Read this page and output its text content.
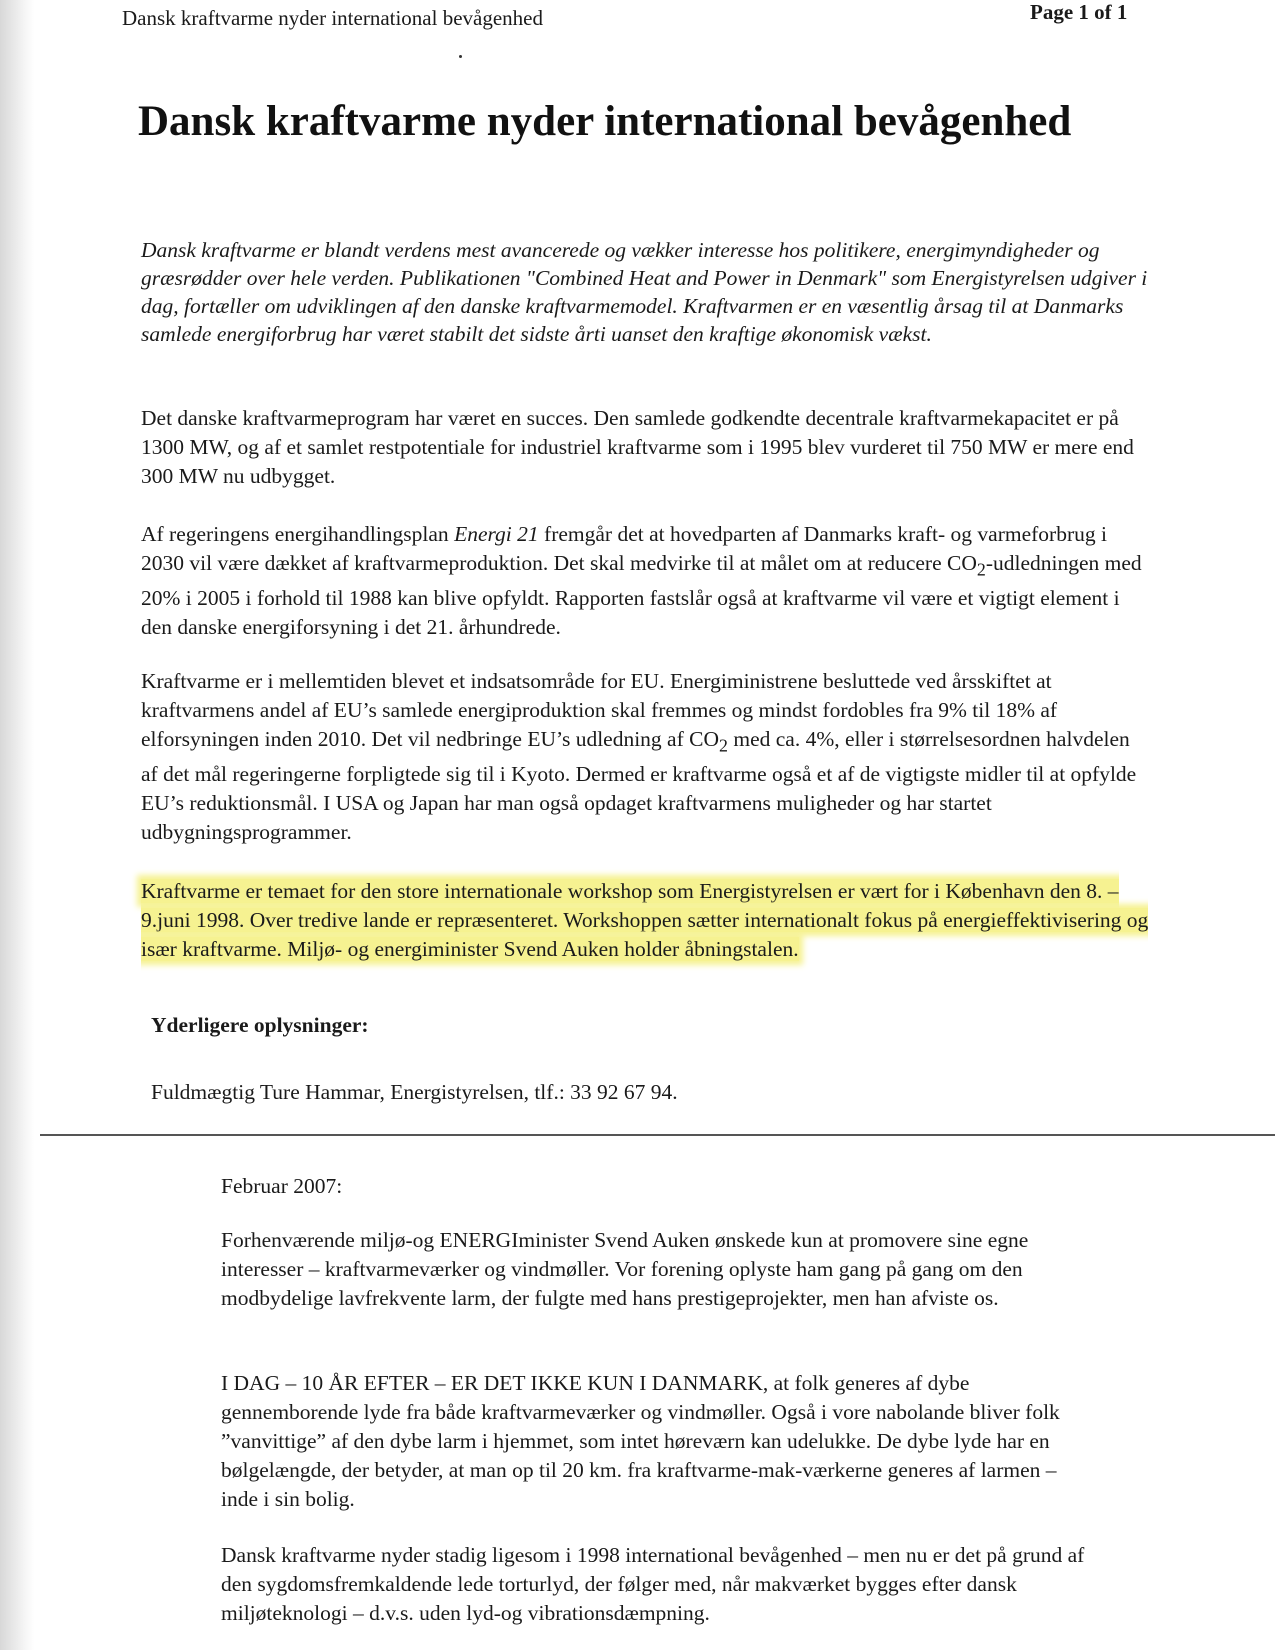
Dansk kraftvarme nyder international bevågenhed	Page 1 of 1
Dansk kraftvarme nyder international bevågenhed

Dansk kraftvarme er blandt verdens mest avancerede og vækker interesse hos politikere, energimyndigheder og græsrødder over hele verden. Publikationen "Combined Heat and Power in Denmark" som Energistyrelsen udgiver i dag, fortæller om udviklingen af den danske kraftvarmemodel. Kraftvarmen er en væsentlig årsag til at Danmarks samlede energiforbrug har været stabilt det sidste årti uanset den kraftige økonomisk vækst.

Det danske kraftvarmeprogram har været en succes. Den samlede godkendte decentrale kraftvarmekapacitet er på 1300 MW, og af et samlet restpotentiale for industriel kraftvarme som i 1995 blev vurderet til 750 MW er mere end 300 MW nu udbygget.

Af regeringens energihandlingsplan Energi 21 fremgår det at hovedparten af Danmarks kraft- og varmeforbrug i 2030 vil være dækket af kraftvarmeproduktion. Det skal medvirke til at målet om at reducere $CO_2$-udledningen med 20% i 2005 i forhold til 1988 kan blive opfyldt. Rapporten fastslår også at kraftvarme vil være et vigtigt element i den danske energiforsyning i det 21. århundrede.

Kraftvarme er i mellemtiden blevet et indsatsområde for EU. Energiministrene besluttede ved årsskiftet at kraftvarmens andel af EU’s samlede energiproduktion skal fremmes og mindst fordobles fra 9% til 18% af elforsyningen inden 2010. Det vil nedbringe EU’s udledning af $CO_2$ med ca. 4%, eller i størrelsesordnen halvdelen af det mål regeringerne forpligtede sig til i Kyoto. Dermed er kraftvarme også et af de vigtigste midler til at opfylde EU’s reduktionsmål. I USA og Japan har man også opdaget kraftvarmens muligheder og har startet udbygningsprogrammer.

Kraftvarme er temaet for den store internationale workshop som Energistyrelsen er vært for i København den 8. – 9.juni 1998. Over tredive lande er repræsenteret. Workshoppen sætter internationalt fokus på energieffektivisering og især kraftvarme. Miljø- og energiminister Svend Auken holder åbningstalen.

Yderligere oplysninger:
Fuldmægtig Ture Hammar, Energistyrelsen, tlf.: 33 92 67 94.

Februar 2007:

Forhenværende miljø-og ENERGIminister Svend Auken ønskede kun at promovere sine egne interesser – kraftvarmeværker og vindmøller. Vor forening oplyste ham gang på gang om den modbydelige lavfrekvente larm, der fulgte med hans prestigeprojekter, men han afviste os.

I DAG – 10 ÅR EFTER – ER DET IKKE KUN I DANMARK, at folk generes af dybe gennemborende lyde fra både kraftvarmeværker og vindmøller. Også i vore nabolande bliver folk ”vanvittige” af den dybe larm i hjemmet, som intet høreværn kan udelukke. De dybe lyde har en bølgelængde, der betyder, at man op til 20 km. fra kraftvarme-mak-værkerne generes af larmen – inde i sin bolig.

Dansk kraftvarme nyder stadig ligesom i 1998 international bevågenhed – men nu er det på grund af den sygdomsfremkaldende lede torturlyd, der følger med, når makværket bygges efter dansk miljøteknologi – d.v.s. uden lyd-og vibrationsdæmpning.
